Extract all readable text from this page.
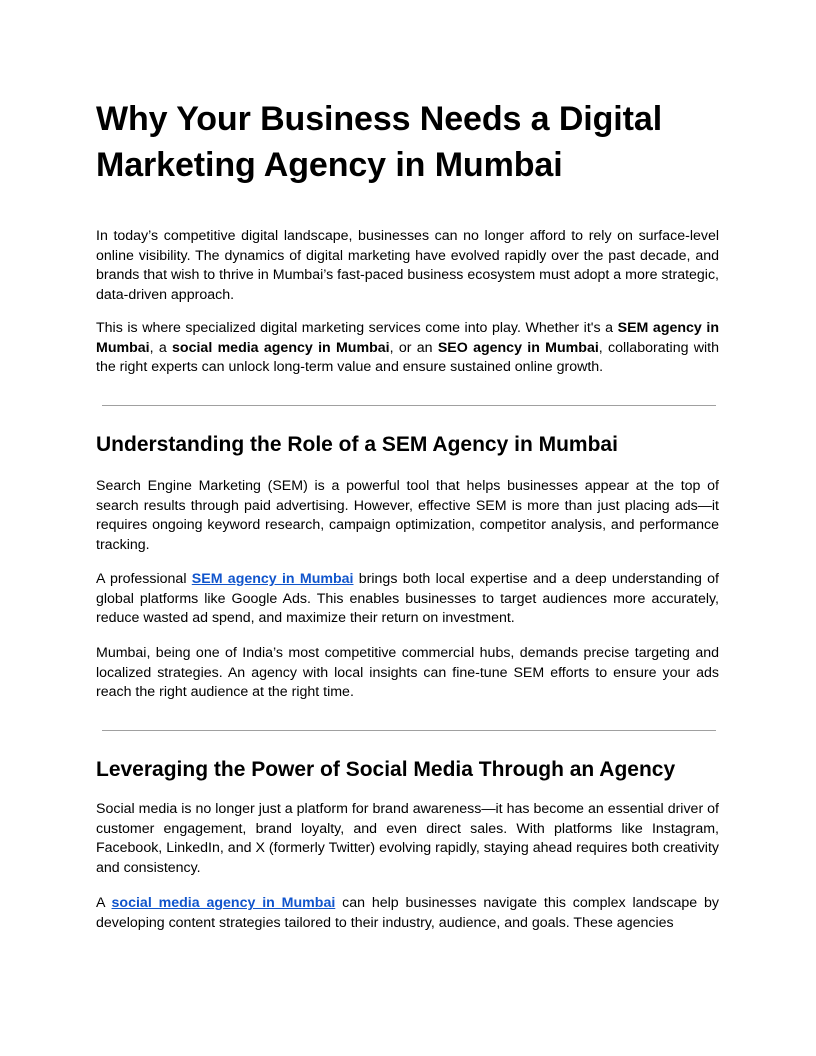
Why Your Business Needs a Digital Marketing Agency in Mumbai

In today’s competitive digital landscape, businesses can no longer afford to rely on surface-level online visibility. The dynamics of digital marketing have evolved rapidly over the past decade, and brands that wish to thrive in Mumbai’s fast-paced business ecosystem must adopt a more strategic, data-driven approach.

This is where specialized digital marketing services come into play. Whether it's a SEM agency in Mumbai, a social media agency in Mumbai, or an SEO agency in Mumbai, collaborating with the right experts can unlock long-term value and ensure sustained online growth.

Understanding the Role of a SEM Agency in Mumbai

Search Engine Marketing (SEM) is a powerful tool that helps businesses appear at the top of search results through paid advertising. However, effective SEM is more than just placing ads—it requires ongoing keyword research, campaign optimization, competitor analysis, and performance tracking.

A professional SEM agency in Mumbai brings both local expertise and a deep understanding of global platforms like Google Ads. This enables businesses to target audiences more accurately, reduce wasted ad spend, and maximize their return on investment.

Mumbai, being one of India’s most competitive commercial hubs, demands precise targeting and localized strategies. An agency with local insights can fine-tune SEM efforts to ensure your ads reach the right audience at the right time.

Leveraging the Power of Social Media Through an Agency

Social media is no longer just a platform for brand awareness—it has become an essential driver of customer engagement, brand loyalty, and even direct sales. With platforms like Instagram, Facebook, LinkedIn, and X (formerly Twitter) evolving rapidly, staying ahead requires both creativity and consistency.

A social media agency in Mumbai can help businesses navigate this complex landscape by developing content strategies tailored to their industry, audience, and goals. These agencies
